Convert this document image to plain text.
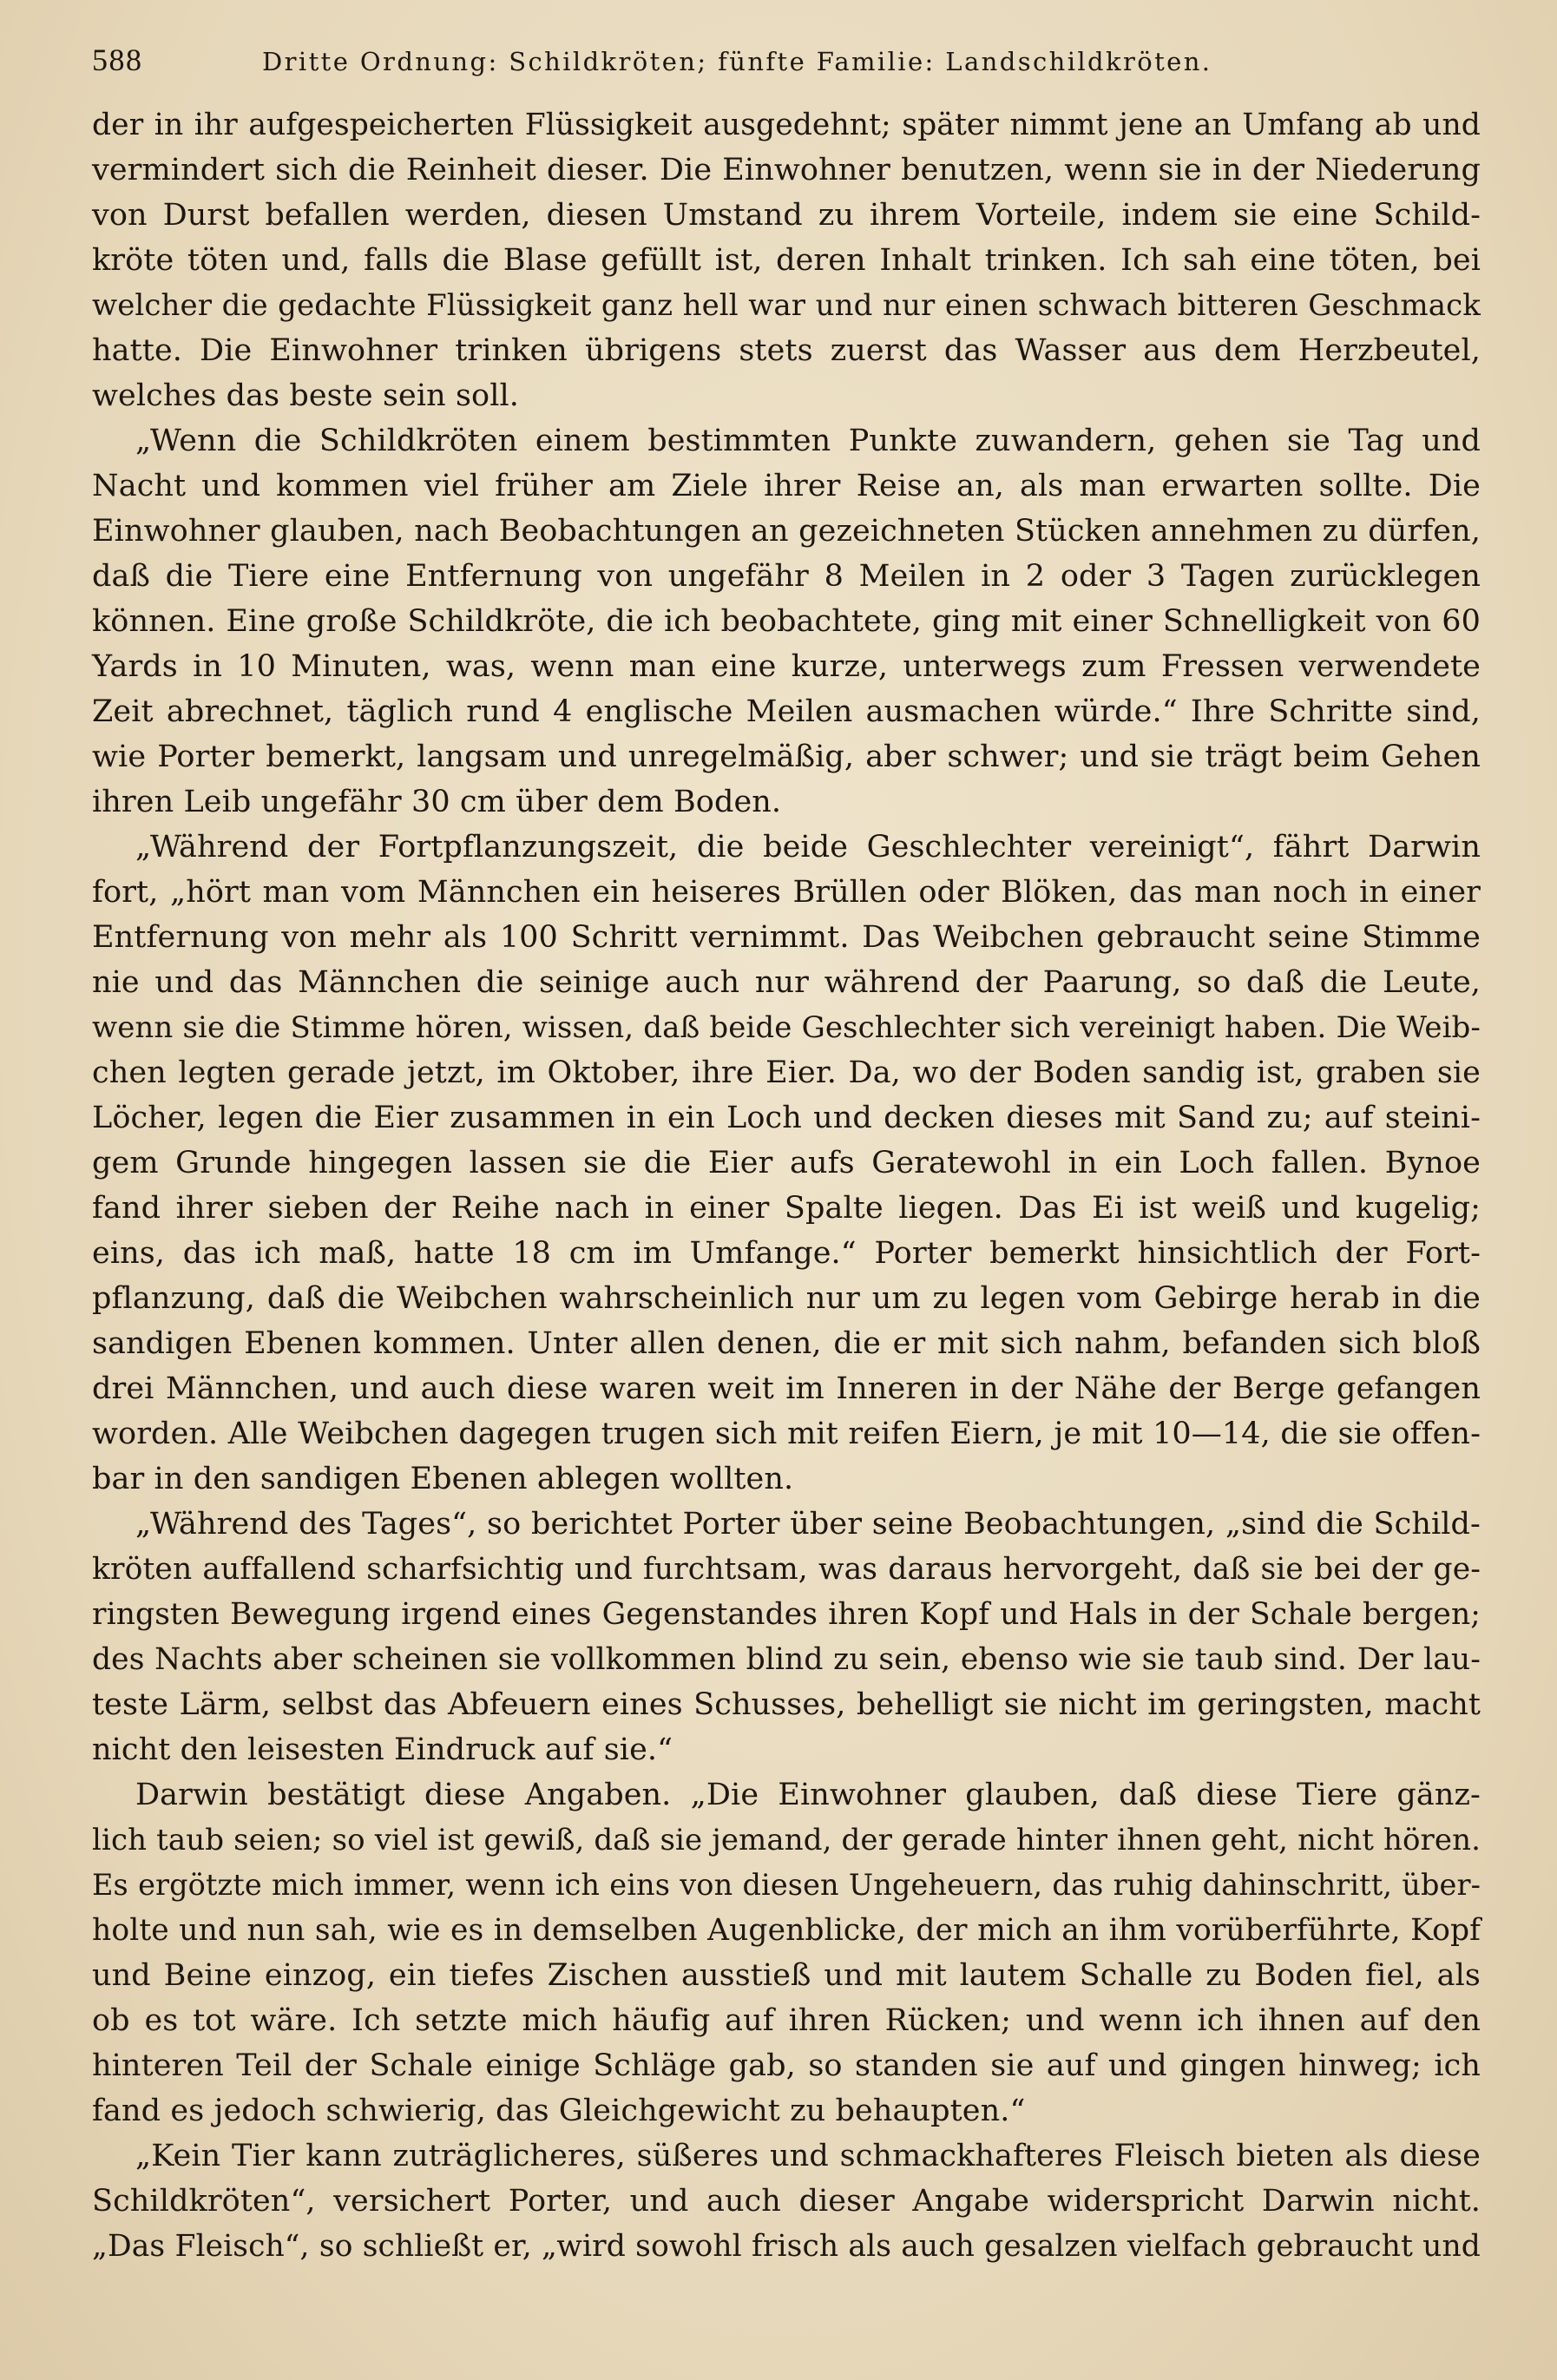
588	Dritte Ordnung: Schildkröten; fünfte Familie: Landschildkröten.
der in ihr aufgespeicherten Flüssigkeit ausgedehnt; später nimmt jene an Umfang ab und
vermindert sich die Reinheit dieser. Die Einwohner benutzen, wenn sie in der Niederung
von Durst befallen werden, diesen Umstand zu ihrem Vorteile, indem sie eine Schild-
kröte töten und, falls die Blase gefüllt ist, deren Inhalt trinken. Ich sah eine töten, bei
welcher die gedachte Flüssigkeit ganz hell war und nur einen schwach bitteren Geschmack
hatte. Die Einwohner trinken übrigens stets zuerst das Wasser aus dem Herzbeutel,
welches das beste sein soll.
„Wenn die Schildkröten einem bestimmten Punkte zuwandern, gehen sie Tag und
Nacht und kommen viel früher am Ziele ihrer Reise an, als man erwarten sollte. Die
Einwohner glauben, nach Beobachtungen an gezeichneten Stücken annehmen zu dürfen,
daß die Tiere eine Entfernung von ungefähr 8 Meilen in 2 oder 3 Tagen zurücklegen
können. Eine große Schildkröte, die ich beobachtete, ging mit einer Schnelligkeit von 60
Yards in 10 Minuten, was, wenn man eine kurze, unterwegs zum Fressen verwendete
Zeit abrechnet, täglich rund 4 englische Meilen ausmachen würde.“ Ihre Schritte sind,
wie Porter bemerkt, langsam und unregelmäßig, aber schwer; und sie trägt beim Gehen
ihren Leib ungefähr 30 cm über dem Boden.
„Während der Fortpflanzungszeit, die beide Geschlechter vereinigt“, fährt Darwin
fort, „hört man vom Männchen ein heiseres Brüllen oder Blöken, das man noch in einer
Entfernung von mehr als 100 Schritt vernimmt. Das Weibchen gebraucht seine Stimme
nie und das Männchen die seinige auch nur während der Paarung, so daß die Leute,
wenn sie die Stimme hören, wissen, daß beide Geschlechter sich vereinigt haben. Die Weib-
chen legten gerade jetzt, im Oktober, ihre Eier. Da, wo der Boden sandig ist, graben sie
Löcher, legen die Eier zusammen in ein Loch und decken dieses mit Sand zu; auf steini-
gem Grunde hingegen lassen sie die Eier aufs Geratewohl in ein Loch fallen. Bynoe
fand ihrer sieben der Reihe nach in einer Spalte liegen. Das Ei ist weiß und kugelig;
eins, das ich maß, hatte 18 cm im Umfange.“ Porter bemerkt hinsichtlich der Fort-
pflanzung, daß die Weibchen wahrscheinlich nur um zu legen vom Gebirge herab in die
sandigen Ebenen kommen. Unter allen denen, die er mit sich nahm, befanden sich bloß
drei Männchen, und auch diese waren weit im Inneren in der Nähe der Berge gefangen
worden. Alle Weibchen dagegen trugen sich mit reifen Eiern, je mit 10—14, die sie offen-
bar in den sandigen Ebenen ablegen wollten.
„Während des Tages“, so berichtet Porter über seine Beobachtungen, „sind die Schild-
kröten auffallend scharfsichtig und furchtsam, was daraus hervorgeht, daß sie bei der ge-
ringsten Bewegung irgend eines Gegenstandes ihren Kopf und Hals in der Schale bergen;
des Nachts aber scheinen sie vollkommen blind zu sein, ebenso wie sie taub sind. Der lau-
teste Lärm, selbst das Abfeuern eines Schusses, behelligt sie nicht im geringsten, macht
nicht den leisesten Eindruck auf sie.“
Darwin bestätigt diese Angaben. „Die Einwohner glauben, daß diese Tiere gänz-
lich taub seien; so viel ist gewiß, daß sie jemand, der gerade hinter ihnen geht, nicht hören.
Es ergötzte mich immer, wenn ich eins von diesen Ungeheuern, das ruhig dahinschritt, über-
holte und nun sah, wie es in demselben Augenblicke, der mich an ihm vorüberführte, Kopf
und Beine einzog, ein tiefes Zischen ausstieß und mit lautem Schalle zu Boden fiel, als
ob es tot wäre. Ich setzte mich häufig auf ihren Rücken; und wenn ich ihnen auf den
hinteren Teil der Schale einige Schläge gab, so standen sie auf und gingen hinweg; ich
fand es jedoch schwierig, das Gleichgewicht zu behaupten.“
„Kein Tier kann zuträglicheres, süßeres und schmackhafteres Fleisch bieten als diese
Schildkröten“, versichert Porter, und auch dieser Angabe widerspricht Darwin nicht.
„Das Fleisch“, so schließt er, „wird sowohl frisch als auch gesalzen vielfach gebraucht und
